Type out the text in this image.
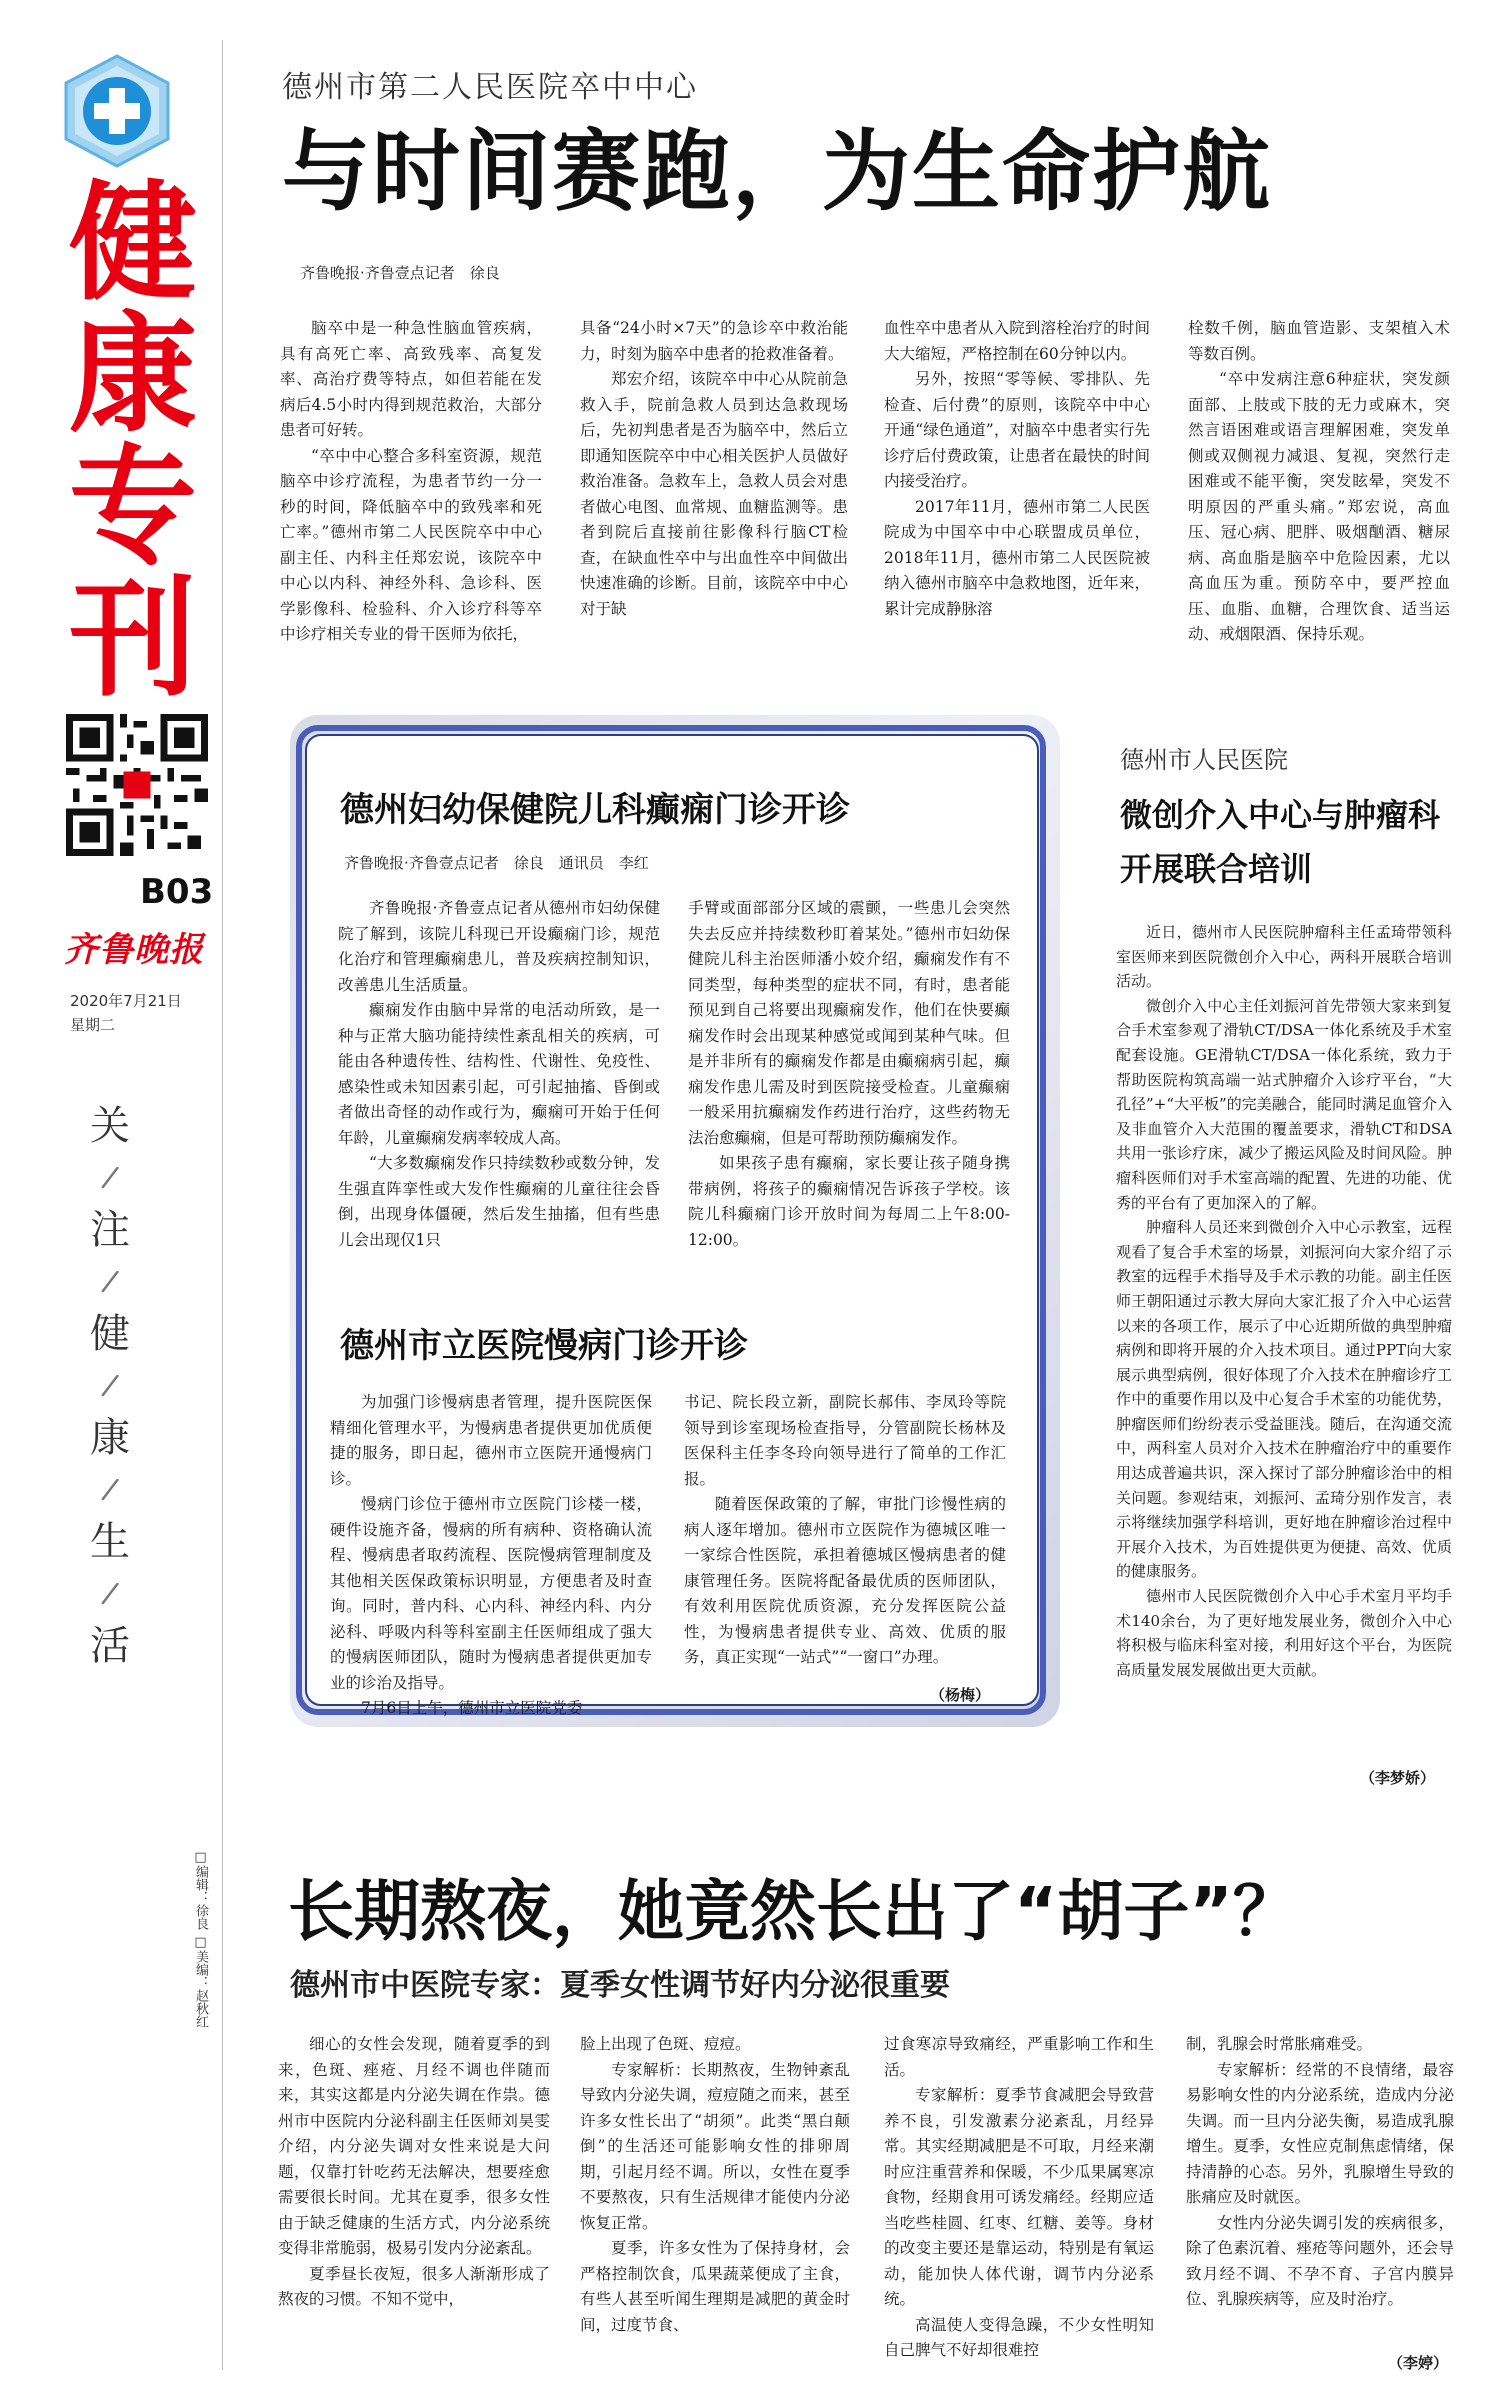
健
康
专
刊
B03
齐鲁晚报
2020年7月21日
星期二
关
/
注
/
健
/
康
/
生
/
活
□编辑：徐良
□美编：赵秋红
德州市第二人民医院卒中中心
与时间赛跑，为生命护航
齐鲁晚报·齐鲁壹点记者　徐良

脑卒中是一种急性脑血管疾病，具有高死亡率、高致残率、高复发率、高治疗费等特点，如但若能在发病后4.5小时内得到规范救治，大部分患者可好转。

“卒中中心整合多科室资源，规范脑卒中诊疗流程，为患者节约一分一秒的时间，降低脑卒中的致残率和死亡率。”德州市第二人民医院卒中中心副主任、内科主任郑宏说，该院卒中中心以内科、神经外科、急诊科、医学影像科、检验科、介入诊疗科等卒中诊疗相关专业的骨干医师为依托，

具备“24小时×7天”的急诊卒中救治能力，时刻为脑卒中患者的抢救准备着。

郑宏介绍，该院卒中中心从院前急救入手，院前急救人员到达急救现场后，先初判患者是否为脑卒中，然后立即通知医院卒中中心相关医护人员做好救治准备。急救车上，急救人员会对患者做心电图、血常规、血糖监测等。患者到院后直接前往影像科行脑CT检查，在缺血性卒中与出血性卒中间做出快速准确的诊断。目前，该院卒中中心对于缺

血性卒中患者从入院到溶栓治疗的时间大大缩短，严格控制在60分钟以内。

另外，按照“零等候、零排队、先检查、后付费”的原则，该院卒中中心开通“绿色通道”，对脑卒中患者实行先诊疗后付费政策，让患者在最快的时间内接受治疗。

2017年11月，德州市第二人民医院成为中国卒中中心联盟成员单位，2018年11月，德州市第二人民医院被纳入德州市脑卒中急救地图，近年来，累计完成静脉溶

栓数千例，脑血管造影、支架植入术等数百例。

“卒中发病注意6种症状，突发颜面部、上肢或下肢的无力或麻木，突然言语困难或语言理解困难，突发单侧或双侧视力减退、复视，突然行走困难或不能平衡，突发眩晕，突发不明原因的严重头痛。”郑宏说，高血压、冠心病、肥胖、吸烟酗酒、糖尿病、高血脂是脑卒中危险因素，尤以高血压为重。预防卒中，要严控血压、血脂、血糖，合理饮食、适当运动、戒烟限酒、保持乐观。

德州妇幼保健院儿科癫痫门诊开诊
齐鲁晚报·齐鲁壹点记者　徐良　通讯员　李红

齐鲁晚报·齐鲁壹点记者从德州市妇幼保健院了解到，该院儿科现已开设癫痫门诊，规范化治疗和管理癫痫患儿，普及疾病控制知识，改善患儿生活质量。

癫痫发作由脑中异常的电活动所致，是一种与正常大脑功能持续性紊乱相关的疾病，可能由各种遗传性、结构性、代谢性、免疫性、感染性或未知因素引起，可引起抽搐、昏倒或者做出奇怪的动作或行为，癫痫可开始于任何年龄，儿童癫痫发病率较成人高。

“大多数癫痫发作只持续数秒或数分钟，发生强直阵挛性或大发作性癫痫的儿童往往会昏倒，出现身体僵硬，然后发生抽搐，但有些患儿会出现仅1只

手臂或面部部分区域的震颤，一些患儿会突然失去反应并持续数秒盯着某处。”德州市妇幼保健院儿科主治医师潘小姣介绍，癫痫发作有不同类型，每种类型的症状不同，有时，患者能预见到自己将要出现癫痫发作，他们在快要癫痫发作时会出现某种感觉或闻到某种气味。但是并非所有的癫痫发作都是由癫痫病引起，癫痫发作患儿需及时到医院接受检查。儿童癫痫一般采用抗癫痫发作药进行治疗，这些药物无法治愈癫痫，但是可帮助预防癫痫发作。

如果孩子患有癫痫，家长要让孩子随身携带病例，将孩子的癫痫情况告诉孩子学校。该院儿科癫痫门诊开放时间为每周二上午8:00-12:00。

德州市立医院慢病门诊开诊

为加强门诊慢病患者管理，提升医院医保精细化管理水平，为慢病患者提供更加优质便捷的服务，即日起，德州市立医院开通慢病门诊。

慢病门诊位于德州市立医院门诊楼一楼，硬件设施齐备，慢病的所有病种、资格确认流程、慢病患者取药流程、医院慢病管理制度及其他相关医保政策标识明显，方便患者及时查询。同时，普内科、心内科、神经内科、内分泌科、呼吸内科等科室副主任医师组成了强大的慢病医师团队，随时为慢病患者提供更加专业的诊治及指导。

7月6日上午，德州市立医院党委

书记、院长段立新，副院长郝伟、李凤玲等院领导到诊室现场检查指导，分管副院长杨林及医保科主任李冬玲向领导进行了简单的工作汇报。

随着医保政策的了解，审批门诊慢性病的病人逐年增加。德州市立医院作为德城区唯一一家综合性医院，承担着德城区慢病患者的健康管理任务。医院将配备最优质的医师团队，有效利用医院优质资源，充分发挥医院公益性，为慢病患者提供专业、高效、优质的服务，真正实现“一站式”“一窗口”办理。

（杨梅）
德州市人民医院
微创介入中心与肿瘤科
开展联合培训

近日，德州市人民医院肿瘤科主任孟琦带领科室医师来到医院微创介入中心，两科开展联合培训活动。

微创介入中心主任刘振河首先带领大家来到复合手术室参观了滑轨CT/DSA一体化系统及手术室配套设施。GE滑轨CT/DSA一体化系统，致力于帮助医院构筑高端一站式肿瘤介入诊疗平台，“大孔径”+“大平板”的完美融合，能同时满足血管介入及非血管介入大范围的覆盖要求，滑轨CT和DSA共用一张诊疗床，减少了搬运风险及时间风险。肿瘤科医师们对手术室高端的配置、先进的功能、优秀的平台有了更加深入的了解。

肿瘤科人员还来到微创介入中心示教室，远程观看了复合手术室的场景，刘振河向大家介绍了示教室的远程手术指导及手术示教的功能。副主任医师王朝阳通过示教大屏向大家汇报了介入中心运营以来的各项工作，展示了中心近期所做的典型肿瘤病例和即将开展的介入技术项目。通过PPT向大家展示典型病例，很好体现了介入技术在肿瘤诊疗工作中的重要作用以及中心复合手术室的功能优势，肿瘤医师们纷纷表示受益匪浅。随后，在沟通交流中，两科室人员对介入技术在肿瘤治疗中的重要作用达成普遍共识，深入探讨了部分肿瘤诊治中的相关问题。参观结束，刘振河、孟琦分别作发言，表示将继续加强学科培训，更好地在肿瘤诊治过程中开展介入技术，为百姓提供更为便捷、高效、优质的健康服务。

德州市人民医院微创介入中心手术室月平均手术140余台，为了更好地发展业务，微创介入中心将积极与临床科室对接，利用好这个平台，为医院高质量发展发展做出更大贡献。

（李梦娇）
长期熬夜，她竟然长出了“胡子”？
德州市中医院专家：夏季女性调节好内分泌很重要

细心的女性会发现，随着夏季的到来，色斑、痤疮、月经不调也伴随而来，其实这都是内分泌失调在作祟。德州市中医院内分泌科副主任医师刘昊雯介绍，内分泌失调对女性来说是大问题，仅靠打针吃药无法解决，想要痊愈需要很长时间。尤其在夏季，很多女性由于缺乏健康的生活方式，内分泌系统变得非常脆弱，极易引发内分泌紊乱。

夏季昼长夜短，很多人渐渐形成了熬夜的习惯。不知不觉中，

脸上出现了色斑、痘痘。

专家解析：长期熬夜，生物钟紊乱导致内分泌失调，痘痘随之而来，甚至许多女性长出了“胡须”。此类“黑白颠倒”的生活还可能影响女性的排卵周期，引起月经不调。所以，女性在夏季不要熬夜，只有生活规律才能使内分泌恢复正常。

夏季，许多女性为了保持身材，会严格控制饮食，瓜果蔬菜便成了主食，有些人甚至听闻生理期是减肥的黄金时间，过度节食、

过食寒凉导致痛经，严重影响工作和生活。

专家解析：夏季节食减肥会导致营养不良，引发激素分泌紊乱，月经异常。其实经期减肥是不可取，月经来潮时应注重营养和保暖，不少瓜果属寒凉食物，经期食用可诱发痛经。经期应适当吃些桂圆、红枣、红糖、姜等。身材的改变主要还是靠运动，特别是有氧运动，能加快人体代谢，调节内分泌系统。

高温使人变得急躁，不少女性明知自己脾气不好却很难控

制，乳腺会时常胀痛难受。

专家解析：经常的不良情绪，最容易影响女性的内分泌系统，造成内分泌失调。而一旦内分泌失衡，易造成乳腺增生。夏季，女性应克制焦虑情绪，保持清静的心态。另外，乳腺增生导致的胀痛应及时就医。

女性内分泌失调引发的疾病很多，除了色素沉着、痤疮等问题外，还会导致月经不调、不孕不育、子宫内膜异位、乳腺疾病等，应及时治疗。

（李婷）
